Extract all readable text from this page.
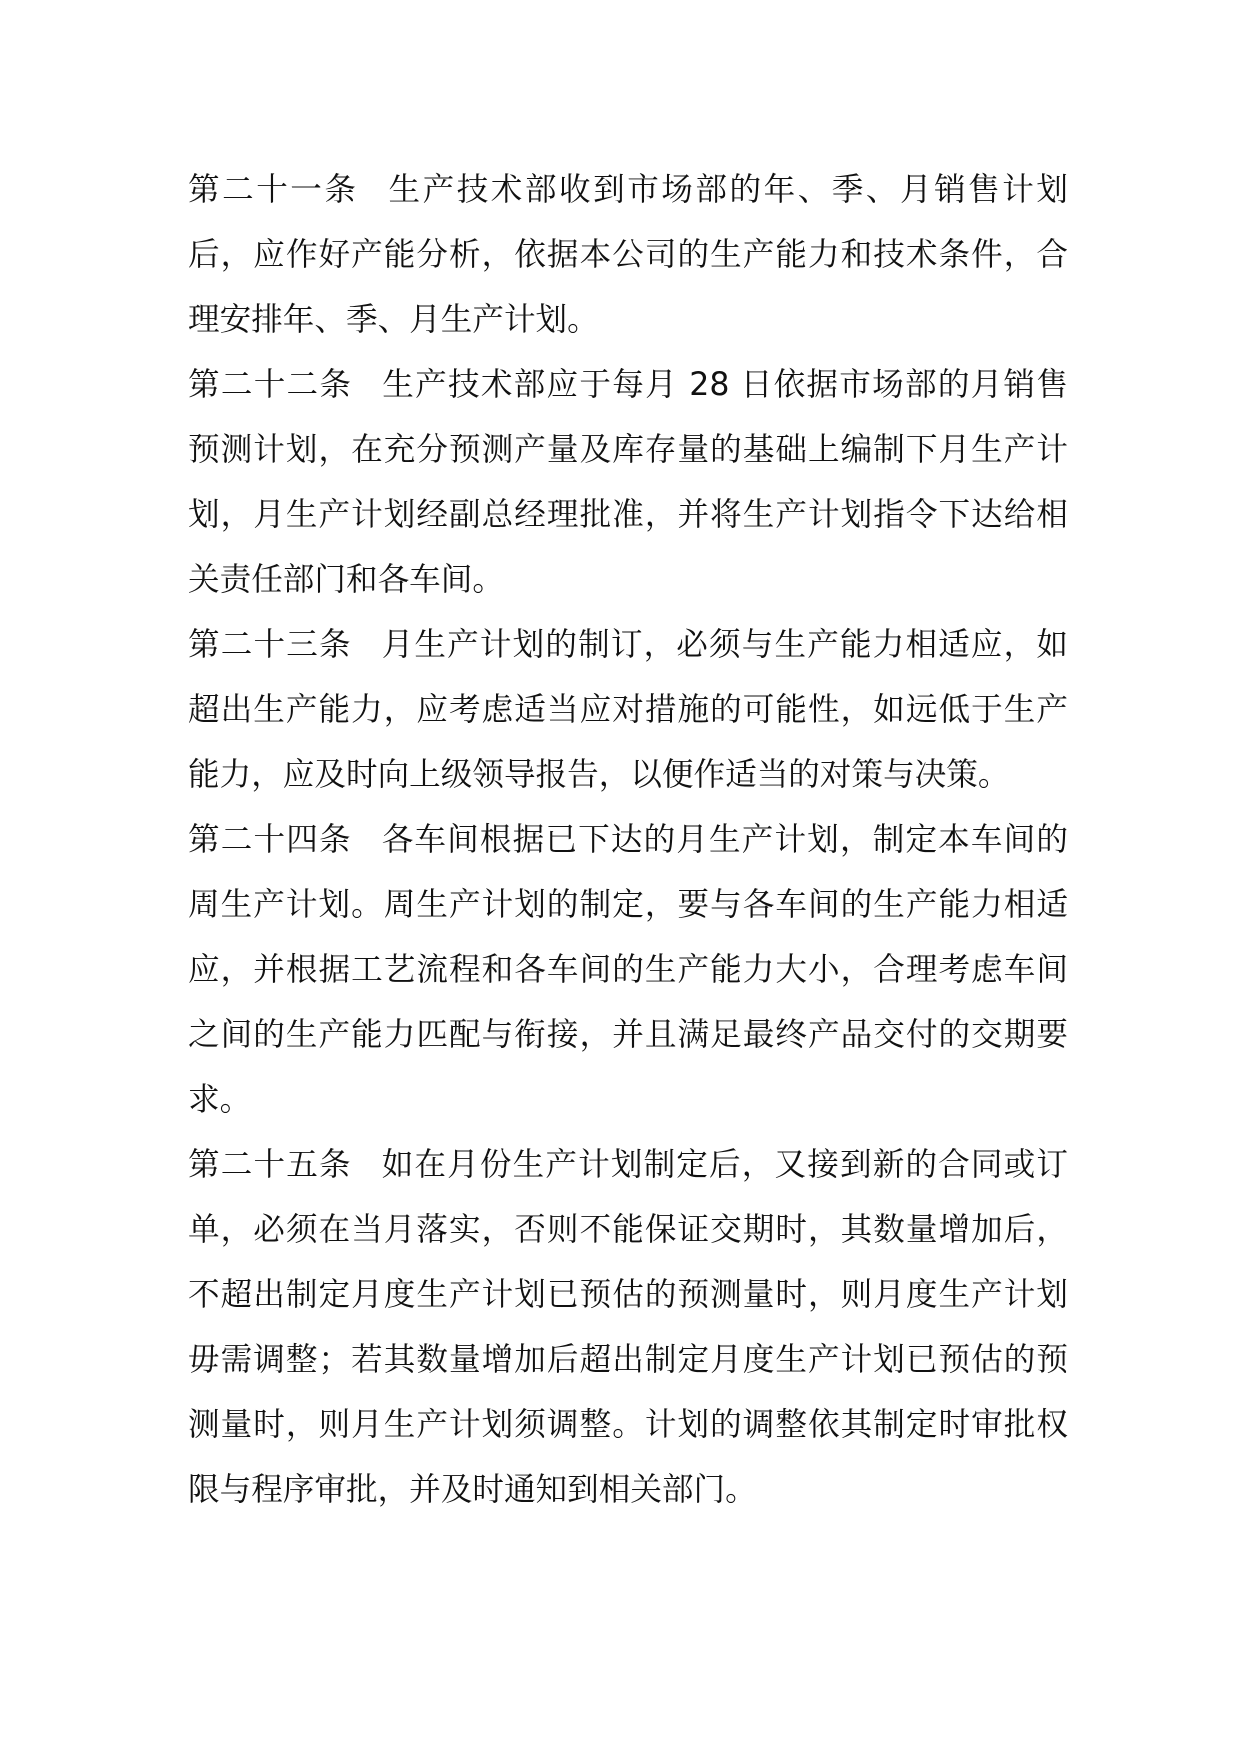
第二十一条 生产技术部收到市场部的年、季、月销售计划后，应作好产能分析，依据本公司的生产能力和技术条件，合理安排年、季、月生产计划。

第二十二条 生产技术部应于每月 28 日依据市场部的月销售预测计划，在充分预测产量及库存量的基础上编制下月生产计划，月生产计划经副总经理批准，并将生产计划指令下达给相关责任部门和各车间。

第二十三条 月生产计划的制订，必须与生产能力相适应，如超出生产能力，应考虑适当应对措施的可能性，如远低于生产能力，应及时向上级领导报告，以便作适当的对策与决策。

第二十四条 各车间根据已下达的月生产计划，制定本车间的周生产计划。周生产计划的制定，要与各车间的生产能力相适应，并根据工艺流程和各车间的生产能力大小，合理考虑车间之间的生产能力匹配与衔接，并且满足最终产品交付的交期要求。

第二十五条 如在月份生产计划制定后，又接到新的合同或订单，必须在当月落实，否则不能保证交期时，其数量增加后，不超出制定月度生产计划已预估的预测量时，则月度生产计划毋需调整；若其数量增加后超出制定月度生产计划已预估的预测量时，则月生产计划须调整。计划的调整依其制定时审批权限与程序审批，并及时通知到相关部门。
